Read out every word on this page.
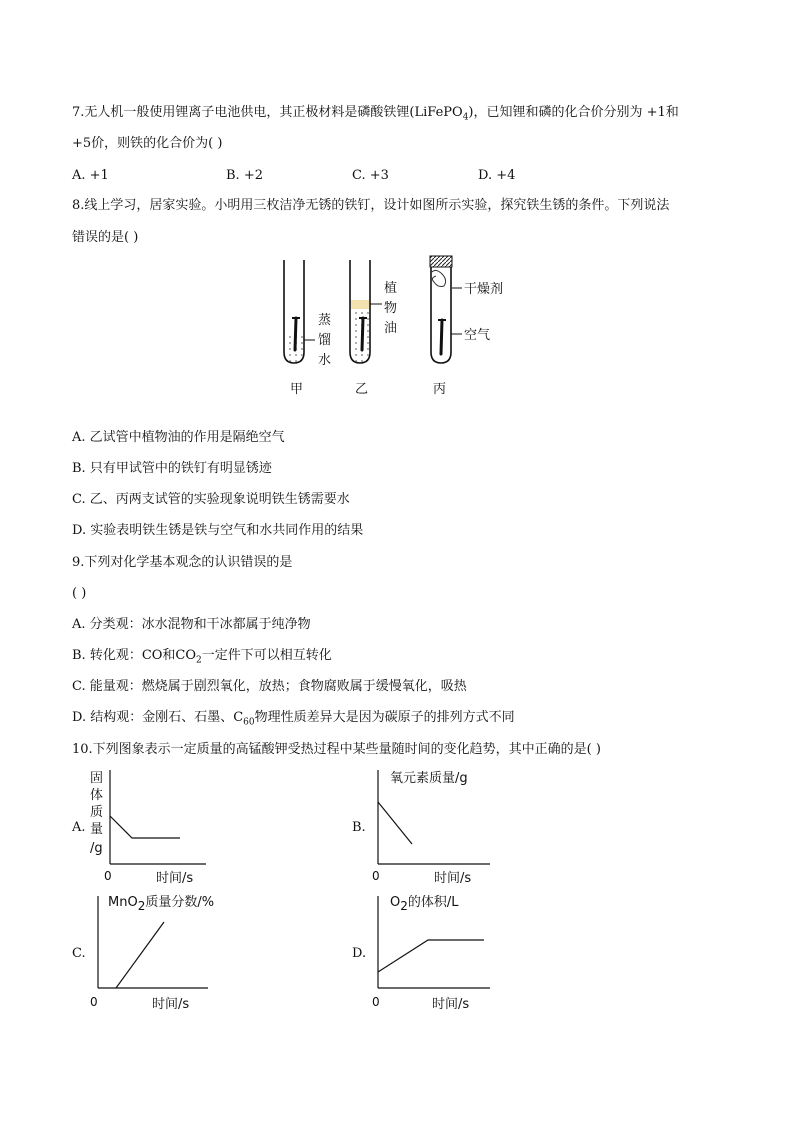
7.无人机一般使用锂离子电池供电，其正极材料是磷酸铁锂(LiFePO$_4$)，已知锂和磷的化合价分别为 +1和
+5价，则铁的化合价为( )
A. +1	B. +2	C. +3	D. +4
8.线上学习，居家实验。小明用三枚洁净无锈的铁钉，设计如图所示实验，探究铁生锈的条件。下列说法
错误的是( )
蒸
馏
水
植
物
油
干燥剂
空气
甲	乙	丙
A. 乙试管中植物油的作用是隔绝空气
B. 只有甲试管中的铁钉有明显锈迹
C. 乙、丙两支试管的实验现象说明铁生锈需要水
D. 实验表明铁生锈是铁与空气和水共同作用的结果
9.下列对化学基本观念的认识错误的是
( )
A. 分类观：冰水混物和干冰都属于纯净物
B. 转化观：CO和$CO_2$一定件下可以相互转化
C. 能量观：燃烧属于剧烈氧化，放热；食物腐败属于缓慢氧化，吸热
D. 结构观：金刚石、石墨、$C_{60}$物理性质差异大是因为碳原子的排列方式不同
10.下列图象表示一定质量的高锰酸钾受热过程中某些量随时间的变化趋势，其中正确的是( )
A.
固
体
质
量
/g
0	时间/s
B.
氧元素质量/g
0	时间/s
C.
MnO2质量分数/%
0	时间/s
D.
O2的体积/L
0	时间/s
